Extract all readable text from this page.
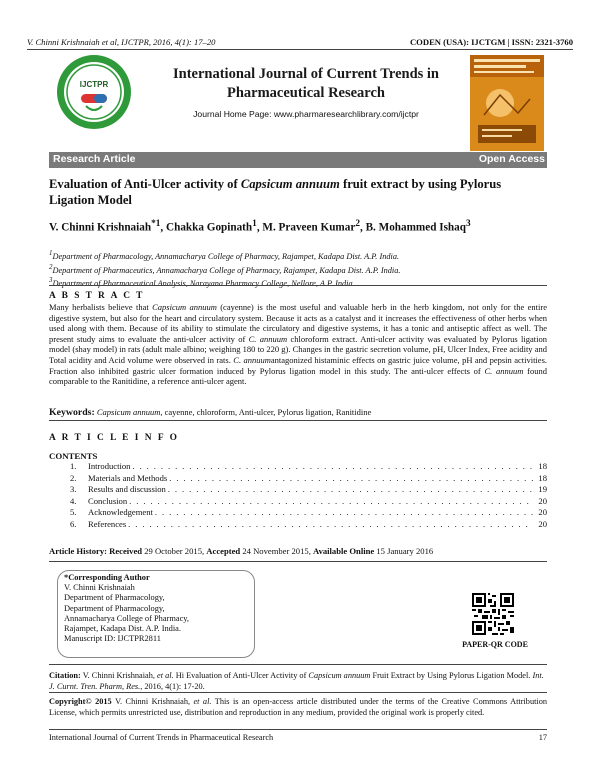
V. Chinni Krishnaiah et al, IJCTPR, 2016, 4(1): 17–20	CODEN (USA): IJCTGM | ISSN: 2321-3760
IJCTPR
International Journal of Current Trends in Pharmaceutical Research
Journal Home Page: www.pharmaresearchlibrary.com/ijctpr
Research Article	Open Access
Evaluation of Anti-Ulcer activity of Capsicum annuum fruit extract by using Pylorus Ligation Model
V. Chinni Krishnaiah$^{*1}$, Chakka Gopinath$^1$, M. Praveen Kumar$^2$, B. Mohammed Ishaq$^3$
$^1$Department of Pharmacology, Annamacharya College of Pharmacy, Rajampet, Kadapa Dist. A.P. India.
$^2$Department of Pharmaceutics, Annamacharya College of Pharmacy, Rajampet, Kadapa Dist. A.P. India.
$^3$Department of Pharmaceutical Analysis, Narayana Pharmacy College, Nellore, A.P. India.
A B S T R A C T
Many herbalists believe that Capsicum annuum (cayenne) is the most useful and valuable herb in the herb kingdom, not only for the entire digestive system, but also for the heart and circulatory system. Because it acts as a catalyst and it increases the effectiveness of other herbs when used along with them. Because of its ability to stimulate the circulatory and digestive systems, it has a tonic and antiseptic affect as well. The present study aims to evaluate the anti-ulcer activity of C. annuum chloroform extract. Anti-ulcer activity was evaluated by Pylorus ligation model (shay model) in rats (adult male albino; weighing 180 to 220 g). Changes in the gastric secretion volume, pH, Ulcer Index, Free acidity and Total acidity and Acid volume were observed in rats. C. annuumantagonized histaminic effects on gastric juice volume, pH and pepsin activities. Fraction also inhibited gastric ulcer formation induced by Pylorus ligation model in this study. The anti-ulcer effects of C. annuum found comparable to the Ranitidine, a reference anti-ulcer agent.
Keywords: Capsicum annuum, cayenne, chloroform, Anti-ulcer, Pylorus ligation, Ranitidine
A R T I C L E I N F O
CONTENTS
1.	Introduction . . .	18
2.	Materials and Methods . . .	18
3.	Results and discussion . . .	19
4.	Conclusion . . .	20
5.	Acknowledgement . . .	20
6.	References . . .	20
Article History: Received 29 October 2015, Accepted 24 November 2015, Available Online 15 January 2016
*Corresponding Author
V. Chinni Krishnaiah
Department of Pharmacology,
Department of Pharmacology,
Annamacharya College of Pharmacy,
Rajampet, Kadapa Dist. A.P. India.
Manuscript ID: IJCTPR2811
PAPER-QR CODE
Citation: V. Chinni Krishnaiah, et al. Hi Evaluation of Anti-Ulcer Activity of Capsicum annuum Fruit Extract by Using Pylorus Ligation Model. Int. J. Curnt. Tren. Pharm, Res., 2016, 4(1): 17-20.
Copyright© 2015 V. Chinni Krishnaiah, et al. This is an open-access article distributed under the terms of the Creative Commons Attribution License, which permits unrestricted use, distribution and reproduction in any medium, provided the original work is properly cited.
International Journal of Current Trends in Pharmaceutical Research	17
